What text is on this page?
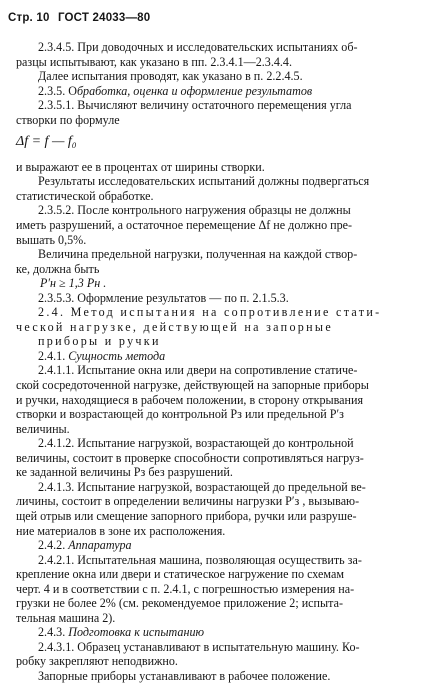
Стр. 10 ГОСТ 24033—80

2.3.4.5. При доводочных и исследовательских испытаниях об-

разцы испытывают, как указано в пп. 2.3.4.1—2.3.4.4.

Далее испытания проводят, как указано в п. 2.2.4.5.

2.3.5. Обработка, оценка и оформление результатов

2.3.5.1. Вычисляют величину остаточного перемещения угла

створки по формуле

Δf = f — f₀

и выражают ее в процентах от ширины створки.

Результаты исследовательских испытаний должны подвергаться

статистической обработке.

2.3.5.2. После контрольного нагружения образцы не должны

иметь разрушений, а остаточное перемещение Δf не должно пре-

вышать 0,5%.

Величина предельной нагрузки, полученная на каждой створ-

ке, должна быть

P′н ≥ 1,3 Pн .

2.3.5.3. Оформление результатов — по п. 2.1.5.3.

2.4. Метод испытания на сопротивление стати-

ческой нагрузке, действующей на запорные

приборы и ручки

2.4.1. Сущность метода

2.4.1.1. Испытание окна или двери на сопротивление статиче-

ской сосредоточенной нагрузке, действующей на запорные приборы

и ручки, находящиеся в рабочем положении, в сторону открывания

створки и возрастающей до контрольной Pз или предельной P′з

величины.

2.4.1.2. Испытание нагрузкой, возрастающей до контрольной

величины, состоит в проверке способности сопротивляться нагруз-

ке заданной величины Pз без разрушений.

2.4.1.3. Испытание нагрузкой, возрастающей до предельной ве-

личины, состоит в определении величины нагрузки P′з , вызываю-

щей отрыв или смещение запорного прибора, ручки или разруше-

ние материалов в зоне их расположения.

2.4.2. Аппаратура

2.4.2.1. Испытательная машина, позволяющая осуществить за-

крепление окна или двери и статическое нагружение по схемам

черт. 4 и в соответствии с п. 2.4.1, с погрешностью измерения на-

грузки не более 2% (см. рекомендуемое приложение 2; испыта-

тельная машина 2).

2.4.3. Подготовка к испытанию

2.4.3.1. Образец устанавливают в испытательную машину. Ко-

робку закрепляют неподвижно.

Запорные приборы устанавливают в рабочее положение.
